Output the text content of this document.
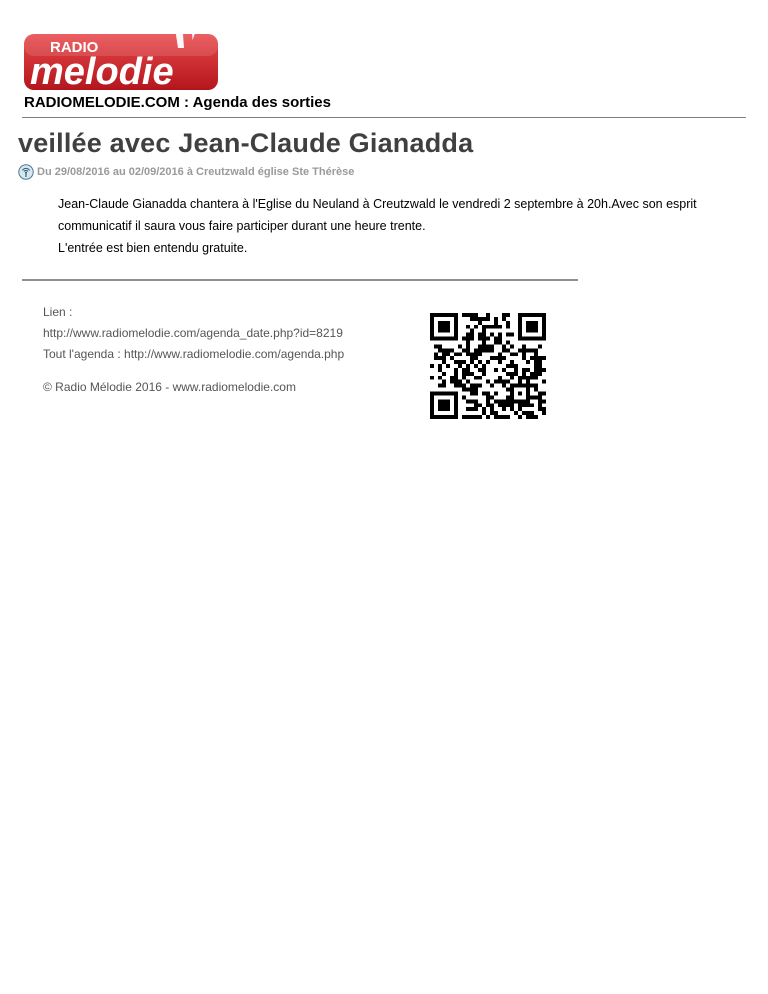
RADIO
melodie
RADIOMELODIE.COM : Agenda des sorties
veillée avec Jean-Claude Gianadda
Du 29/08/2016 au 02/09/2016 à Creutzwald église Ste Thérèse

Jean-Claude Gianadda chantera à l'Eglise du Neuland à Creutzwald le vendredi 2 septembre à 20h.Avec son esprit communicatif il saura vous faire participer durant une heure trente.

L'entrée est bien entendu gratuite.

Lien :
http://www.radiomelodie.com/agenda_date.php?id=8219
Tout l'agenda : http://www.radiomelodie.com/agenda.php
© Radio Mélodie 2016 - www.radiomelodie.com
